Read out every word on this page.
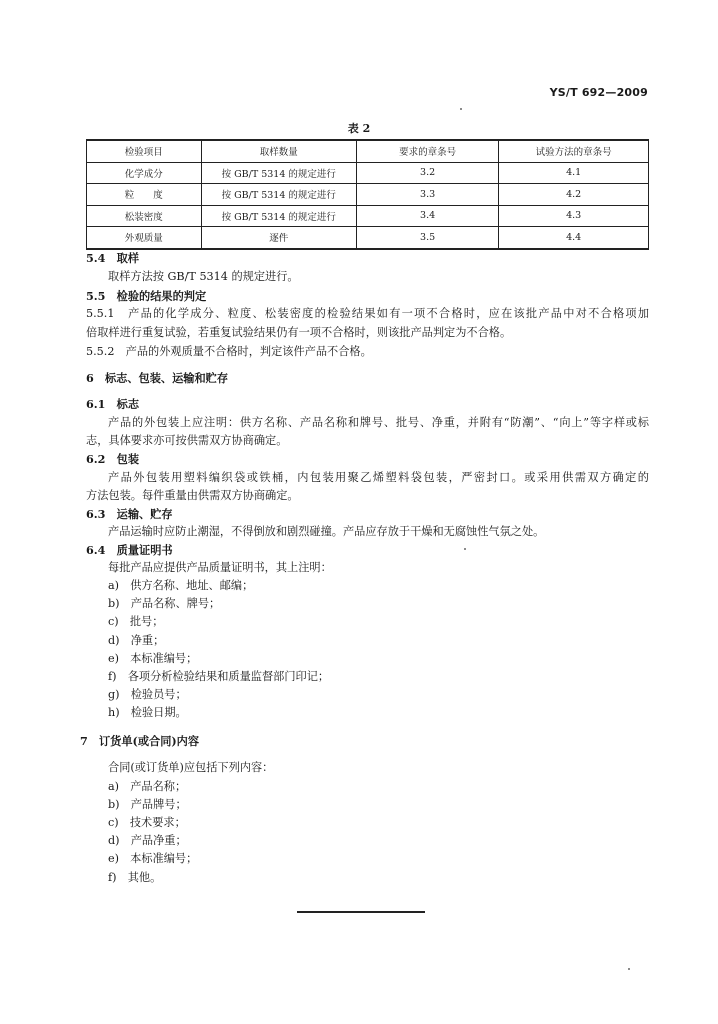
YS/T 692—2009
表 2
检验项目	取样数量	要求的章条号	试验方法的章条号
化学成分	按 GB/T 5314 的规定进行	3.2	4.1
粒　　度	按 GB/T 5314 的规定进行	3.3	4.2
松装密度	按 GB/T 5314 的规定进行	3.4	4.3
外观质量	逐件	3.5	4.4
5.4　取样
取样方法按 GB/T 5314 的规定进行。
5.5　检验的结果的判定
5.5.1　产品的化学成分、粒度、松装密度的检验结果如有一项不合格时，应在该批产品中对不合格项加
倍取样进行重复试验，若重复试验结果仍有一项不合格时，则该批产品判定为不合格。
5.5.2　产品的外观质量不合格时，判定该件产品不合格。
6　标志、包装、运输和贮存
6.1　标志
产品的外包装上应注明：供方名称、产品名称和牌号、批号、净重，并附有“防潮”、“向上”等字样或标
志，具体要求亦可按供需双方协商确定。
6.2　包装
产品外包装用塑料编织袋或铁桶，内包装用聚乙烯塑料袋包装，严密封口。或采用供需双方确定的
方法包装。每件重量由供需双方协商确定。
6.3　运输、贮存
产品运输时应防止潮湿，不得倒放和剧烈碰撞。产品应存放于干燥和无腐蚀性气氛之处。
6.4　质量证明书
每批产品应提供产品质量证明书，其上注明：
a)　供方名称、地址、邮编；
b)　产品名称、牌号；
c)　批号；
d)　净重；
e)　本标准编号；
f)　各项分析检验结果和质量监督部门印记；
g)　检验员号；
h)　检验日期。
7　订货单(或合同)内容
合同(或订货单)应包括下列内容：
a)　产品名称；
b)　产品牌号；
c)　技术要求；
d)　产品净重；
e)　本标准编号；
f)　其他。
